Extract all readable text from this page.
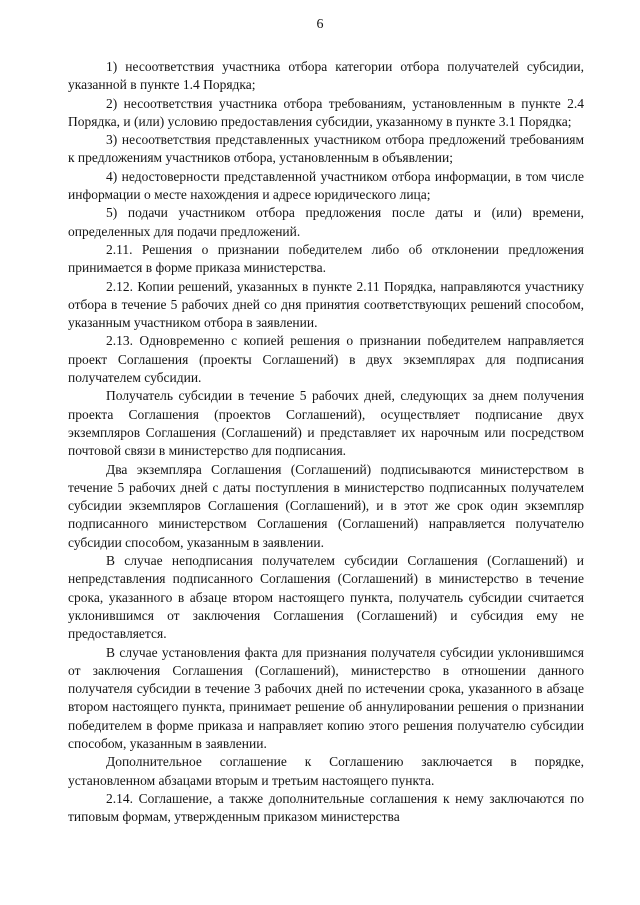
6

1) несоответствия участника отбора категории отбора получателей субсидии, указанной в пункте 1.4 Порядка;

2) несоответствия участника отбора требованиям, установленным в пункте 2.4 Порядка, и (или) условию предоставления субсидии, указанному в пункте 3.1 Порядка;

3) несоответствия представленных участником отбора предложений требованиям к предложениям участников отбора, установленным в объявлении;

4) недостоверности представленной участником отбора информации, в том числе информации о месте нахождения и адресе юридического лица;

5) подачи участником отбора предложения после даты и (или) времени, определенных для подачи предложений.

2.11. Решения о признании победителем либо об отклонении предложения принимается в форме приказа министерства.

2.12. Копии решений, указанных в пункте 2.11 Порядка, направляются участнику отбора в течение 5 рабочих дней со дня принятия соответствующих решений способом, указанным участником отбора в заявлении.

2.13. Одновременно с копией решения о признании победителем направляется проект Соглашения (проекты Соглашений) в двух экземплярах для подписания получателем субсидии.

Получатель субсидии в течение 5 рабочих дней, следующих за днем получения проекта Соглашения (проектов Соглашений), осуществляет подписание двух экземпляров Соглашения (Соглашений) и представляет их нарочным или посредством почтовой связи в министерство для подписания.

Два экземпляра Соглашения (Соглашений) подписываются министерством в течение 5 рабочих дней с даты поступления в министерство подписанных получателем субсидии экземпляров Соглашения (Соглашений), и в этот же срок один экземпляр подписанного министерством Соглашения (Соглашений) направляется получателю субсидии способом, указанным в заявлении.

В случае неподписания получателем субсидии Соглашения (Соглашений) и непредставления подписанного Соглашения (Соглашений) в министерство в течение срока, указанного в абзаце втором настоящего пункта, получатель субсидии считается уклонившимся от заключения Соглашения (Соглашений) и субсидия ему не предоставляется.

В случае установления факта для признания получателя субсидии уклонившимся от заключения Соглашения (Соглашений), министерство в отношении данного получателя субсидии в течение 3 рабочих дней по истечении срока, указанного в абзаце втором настоящего пункта, принимает решение об аннулировании решения о признании победителем в форме приказа и направляет копию этого решения получателю субсидии способом, указанным в заявлении.

Дополнительное соглашение к Соглашению заключается в порядке, установленном абзацами вторым и третьим настоящего пункта.

2.14. Соглашение, а также дополнительные соглашения к нему заключаются по типовым формам, утвержденным приказом министерства
